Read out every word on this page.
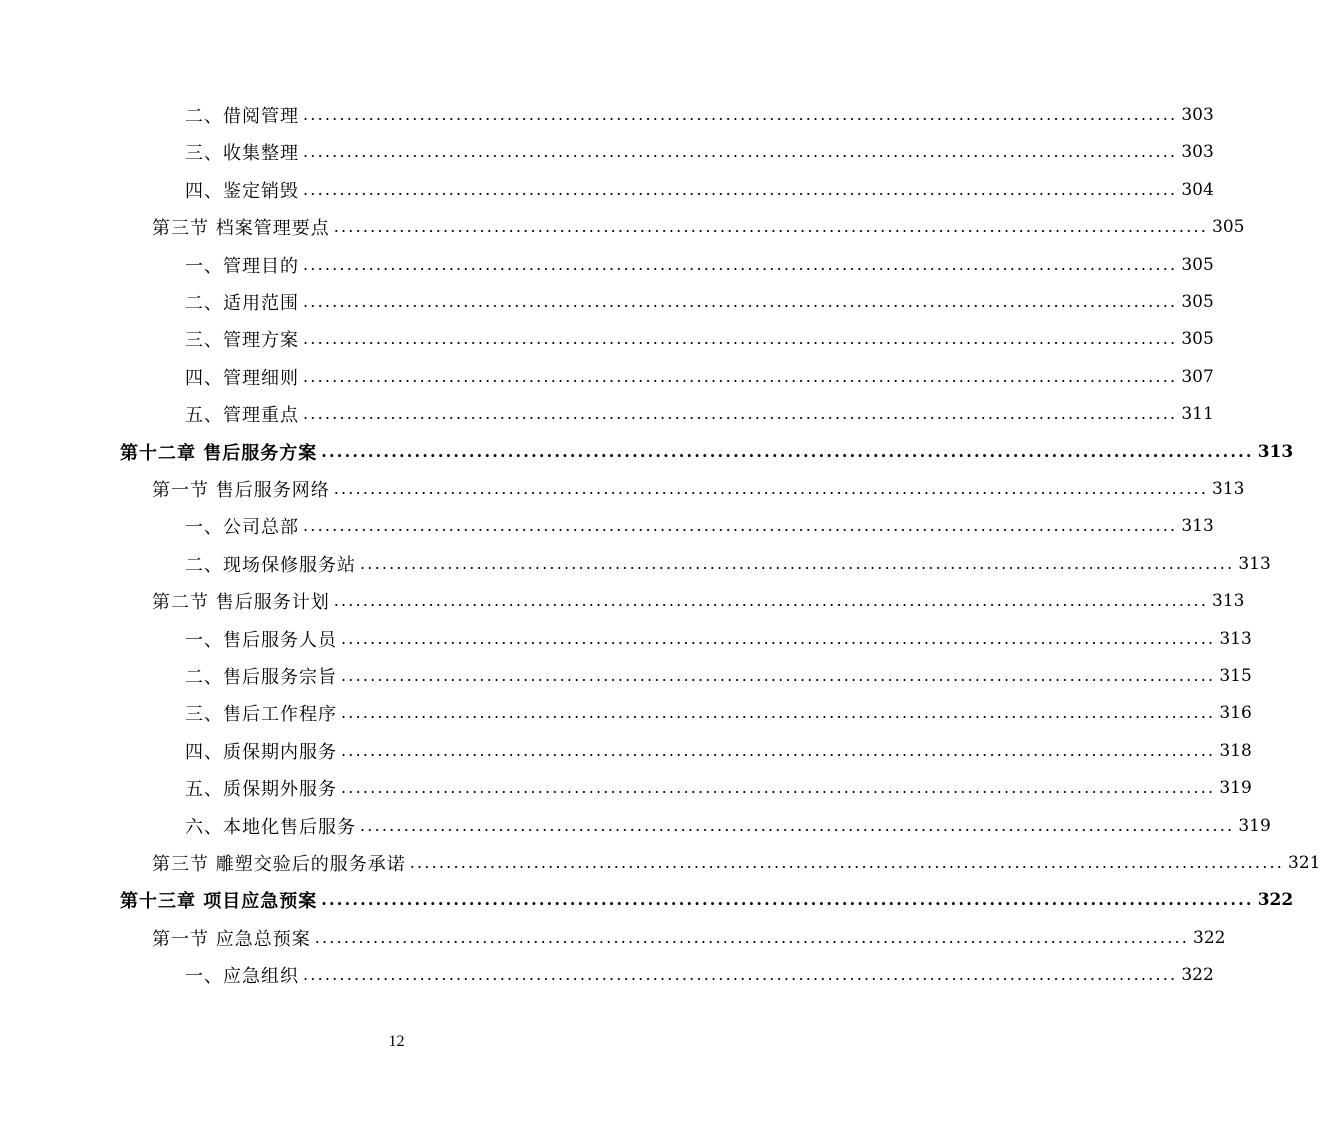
二、借阅管理 ........................................................................................................................ 303
三、收集整理 ........................................................................................................................ 303
四、鉴定销毁 ........................................................................................................................ 304
第三节 档案管理要点 ........................................................................................................................ 305
一、管理目的 ........................................................................................................................ 305
二、适用范围 ........................................................................................................................ 305
三、管理方案 ........................................................................................................................ 305
四、管理细则 ........................................................................................................................ 307
五、管理重点 ........................................................................................................................ 311
第十二章 售后服务方案 ........................................................................................................................ 313
第一节 售后服务网络 ........................................................................................................................ 313
一、公司总部 ........................................................................................................................ 313
二、现场保修服务站 ........................................................................................................................ 313
第二节 售后服务计划 ........................................................................................................................ 313
一、售后服务人员 ........................................................................................................................ 313
二、售后服务宗旨 ........................................................................................................................ 315
三、售后工作程序 ........................................................................................................................ 316
四、质保期内服务 ........................................................................................................................ 318
五、质保期外服务 ........................................................................................................................ 319
六、本地化售后服务 ........................................................................................................................ 319
第三节 雕塑交验后的服务承诺 ........................................................................................................................ 321
第十三章 项目应急预案 ........................................................................................................................ 322
第一节 应急总预案 ........................................................................................................................ 322
一、应急组织 ........................................................................................................................ 322
12
